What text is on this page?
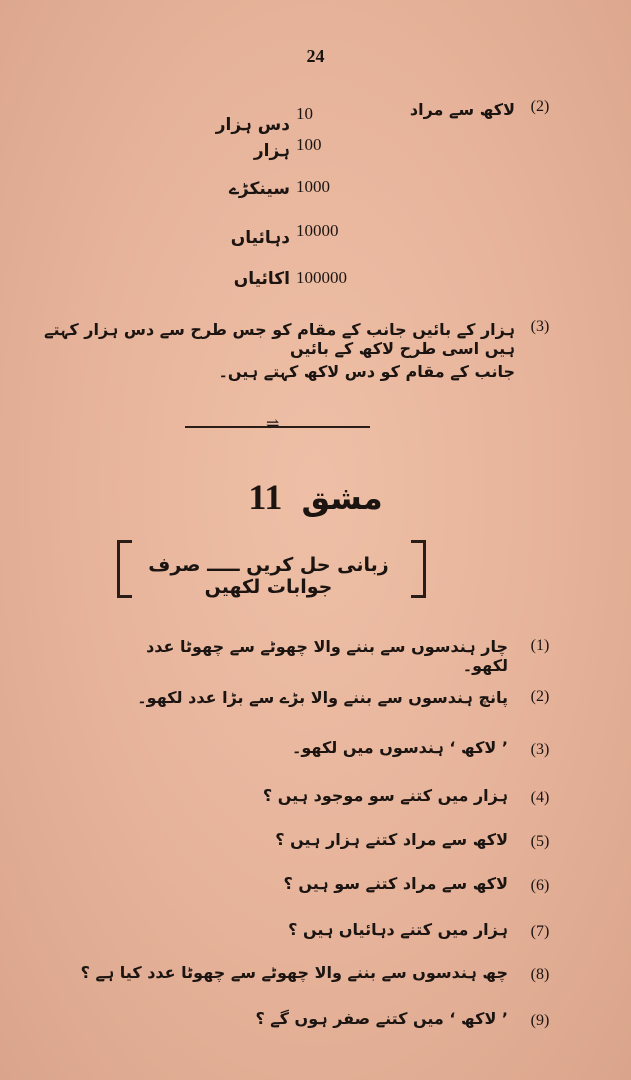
24
(2)
لاکھ سے مراد
10
دس ہزار
100
ہزار
1000
سینکڑے
10000
دہائیاں
100000
اکائیاں
(3)
ہزار کے بائیں جانب کے مقام کو جس طرح سے دس ہزار کہتے ہیں اسی طرح لاکھ کے بائیں
جانب کے مقام کو دس لاکھ کہتے ہیں۔
⇌
11 مشق
زبانی حل کریں ـــــ صرف جوابات لکھیں
(1)
چار ہندسوں سے بننے والا چھوٹے سے چھوٹا عدد لکھو۔
(2)
پانچ ہندسوں سے بننے والا بڑے سے بڑا عدد لکھو۔
(3)
’ لاکھ ‘ ہندسوں میں لکھو۔
(4)
ہزار میں کتنے سو موجود ہیں ؟
(5)
لاکھ سے مراد کتنے ہزار ہیں ؟
(6)
لاکھ سے مراد کتنے سو ہیں ؟
(7)
ہزار میں کتنے دہائیاں ہیں ؟
(8)
چھ ہندسوں سے بننے والا چھوٹے سے چھوٹا عدد کیا ہے ؟
(9)
’ لاکھ ‘ میں کتنے صفر ہوں گے ؟
